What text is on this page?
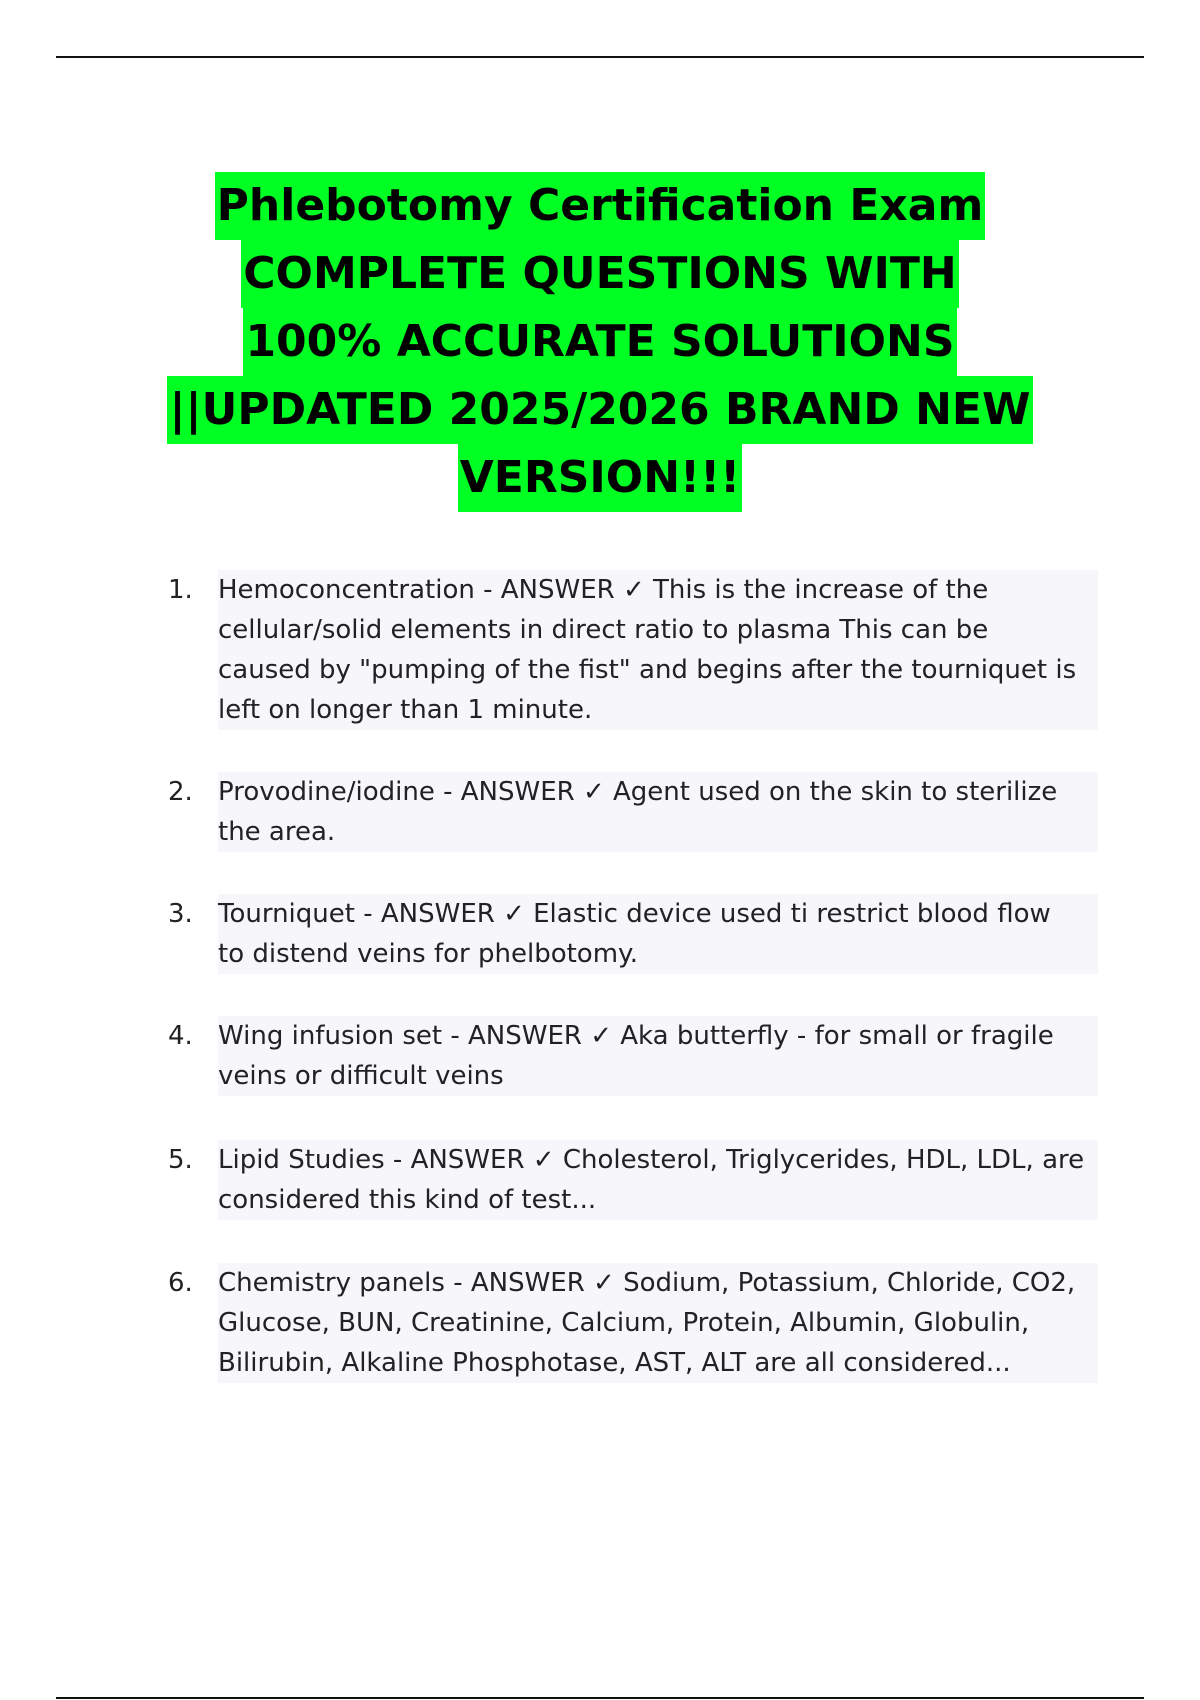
Phlebotomy Certification Exam
COMPLETE QUESTIONS WITH
100% ACCURATE SOLUTIONS
||UPDATED 2025/2026 BRAND NEW
VERSION!!!
1. Hemoconcentration - ANSWER ✓ This is the increase of the
cellular/solid elements in direct ratio to plasma This can be
caused by "pumping of the fist" and begins after the tourniquet is
left on longer than 1 minute.
2. Provodine/iodine - ANSWER ✓ Agent used on the skin to sterilize
the area.
3. Tourniquet - ANSWER ✓ Elastic device used ti restrict blood flow
to distend veins for phelbotomy.
4. Wing infusion set - ANSWER ✓ Aka butterfly - for small or fragile
veins or difficult veins
5. Lipid Studies - ANSWER ✓ Cholesterol, Triglycerides, HDL, LDL, are
considered this kind of test...
6. Chemistry panels - ANSWER ✓ Sodium, Potassium, Chloride, CO2,
Glucose, BUN, Creatinine, Calcium, Protein, Albumin, Globulin,
Bilirubin, Alkaline Phosphotase, AST, ALT are all considered...
